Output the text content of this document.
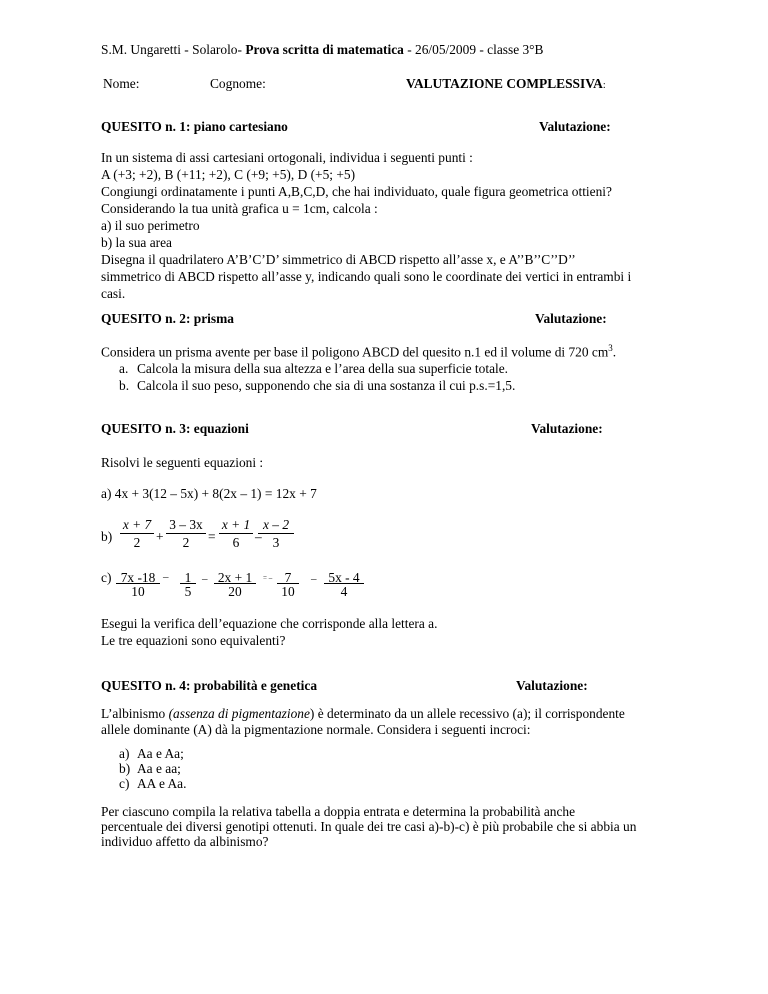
S.M. Ungaretti - Solarolo- Prova scritta di matematica - 26/05/2009 - classe 3°B
Nome:	Cognome:	VALUTAZIONE COMPLESSIVA:
QUESITO n. 1: piano cartesiano	Valutazione:
In un sistema di assi cartesiani ortogonali, individua i seguenti punti :
A (+3; +2), B (+11; +2), C (+9; +5), D (+5; +5)
Congiungi ordinatamente i punti A,B,C,D, che hai individuato, quale figura geometrica ottieni?
Considerando la tua unità grafica u = 1cm, calcola :
a) il suo perimetro
b) la sua area
Disegna il quadrilatero A’B’C’D’ simmetrico di ABCD rispetto all’asse x, e A’’B’’C’’D’’
simmetrico di ABCD rispetto all’asse y, indicando quali sono le coordinate dei vertici in entrambi i
casi.
QUESITO n. 2: prisma	Valutazione:
Considera un prisma avente per base il poligono ABCD del quesito n.1 ed il volume di 720 $cm^3$.
a. Calcola la misura della sua altezza e l’area della sua superficie totale.
b. Calcola il suo peso, supponendo che sia di una sostanza il cui p.s.=1,5.
QUESITO n. 3: equazioni	Valutazione:
Risolvi le seguenti equazioni :
a) 4x + 3(12 – 5x) + 8(2x – 1) = 12x + 7
b)
x + 7
2	+
3 – 3x
2	=
x + 1
6	–
x – 2
3
c) 7x -18
10
–	1
5
– 2x + 1
20
= – 7
10
– 5x - 4
4
Esegui la verifica dell’equazione che corrisponde alla lettera a.
Le tre equazioni sono equivalenti?
QUESITO n. 4: probabilità e genetica	Valutazione:
L’albinismo (assenza di pigmentazione) è determinato da un allele recessivo (a); il corrispondente
allele dominante (A) dà la pigmentazione normale. Considera i seguenti incroci:
a) Aa e Aa;
b) Aa e aa;
c) AA e Aa.
Per ciascuno compila la relativa tabella a doppia entrata e determina la probabilità anche
percentuale dei diversi genotipi ottenuti. In quale dei tre casi a)-b)-c) è più probabile che si abbia un
individuo affetto da albinismo?
